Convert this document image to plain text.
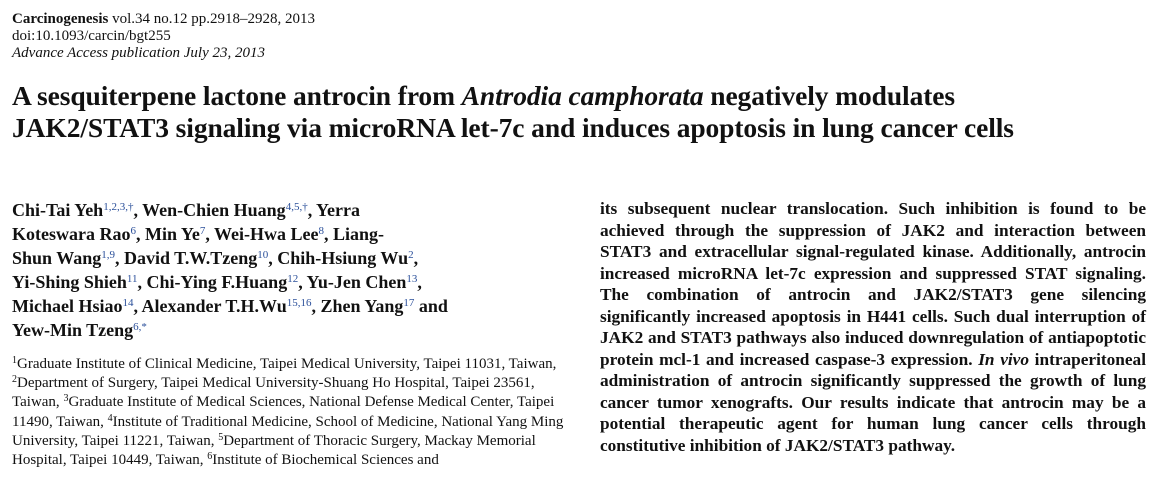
Carcinogenesis vol.34 no.12 pp.2918–2928, 2013
doi:10.1093/carcin/bgt255
Advance Access publication July 23, 2013
A sesquiterpene lactone antrocin from Antrodia camphorata negatively modulates
JAK2/STAT3 signaling via microRNA let-7c and induces apoptosis in lung cancer cells
Chi-Tai Yeh$^{1,2,3,\dagger}$, Wen-Chien Huang$^{4,5,\dagger}$, Yerra
Koteswara Rao$^6$, Min Ye$^7$, Wei-Hwa Lee$^8$, Liang-
Shun Wang$^{1,9}$, David T.W.Tzeng$^{10}$, Chih-Hsiung Wu$^2$,
Yi-Shing Shieh$^{11}$, Chi-Ying F.Huang$^{12}$, Yu-Jen Chen$^{13}$,
Michael Hsiao$^{14}$, Alexander T.H.Wu$^{15,16}$, Zhen Yang$^{17}$ and
Yew-Min Tzeng$^{6,*}$
$^1$Graduate Institute of Clinical Medicine, Taipei Medical University, Taipei 11031, Taiwan, $^2$Department of Surgery, Taipei Medical University-Shuang Ho Hospital, Taipei 23561, Taiwan, $^3$Graduate Institute of Medical Sciences, National Defense Medical Center, Taipei 11490, Taiwan, $^4$Institute of Traditional Medicine, School of Medicine, National Yang Ming University, Taipei 11221, Taiwan, $^5$Department of Thoracic Surgery, Mackay Memorial Hospital, Taipei 10449, Taiwan, $^6$Institute of Biochemical Sciences and
its subsequent nuclear translocation. Such inhibition is found to be achieved through the suppression of JAK2 and interaction between STAT3 and extracellular signal-regulated kinase. Additionally, antrocin increased microRNA let-7c expression and suppressed STAT signaling. The combination of antrocin and JAK2/STAT3 gene silencing significantly increased apoptosis in H441 cells. Such dual interruption of JAK2 and STAT3 pathways also induced downregulation of antiapoptotic protein mcl-1 and increased caspase-3 expression. In vivo intraperitoneal administration of antrocin significantly suppressed the growth of lung cancer tumor xenografts. Our results indicate that antrocin may be a potential therapeutic agent for human lung cancer cells through constitutive inhibition of JAK2/STAT3 pathway.
